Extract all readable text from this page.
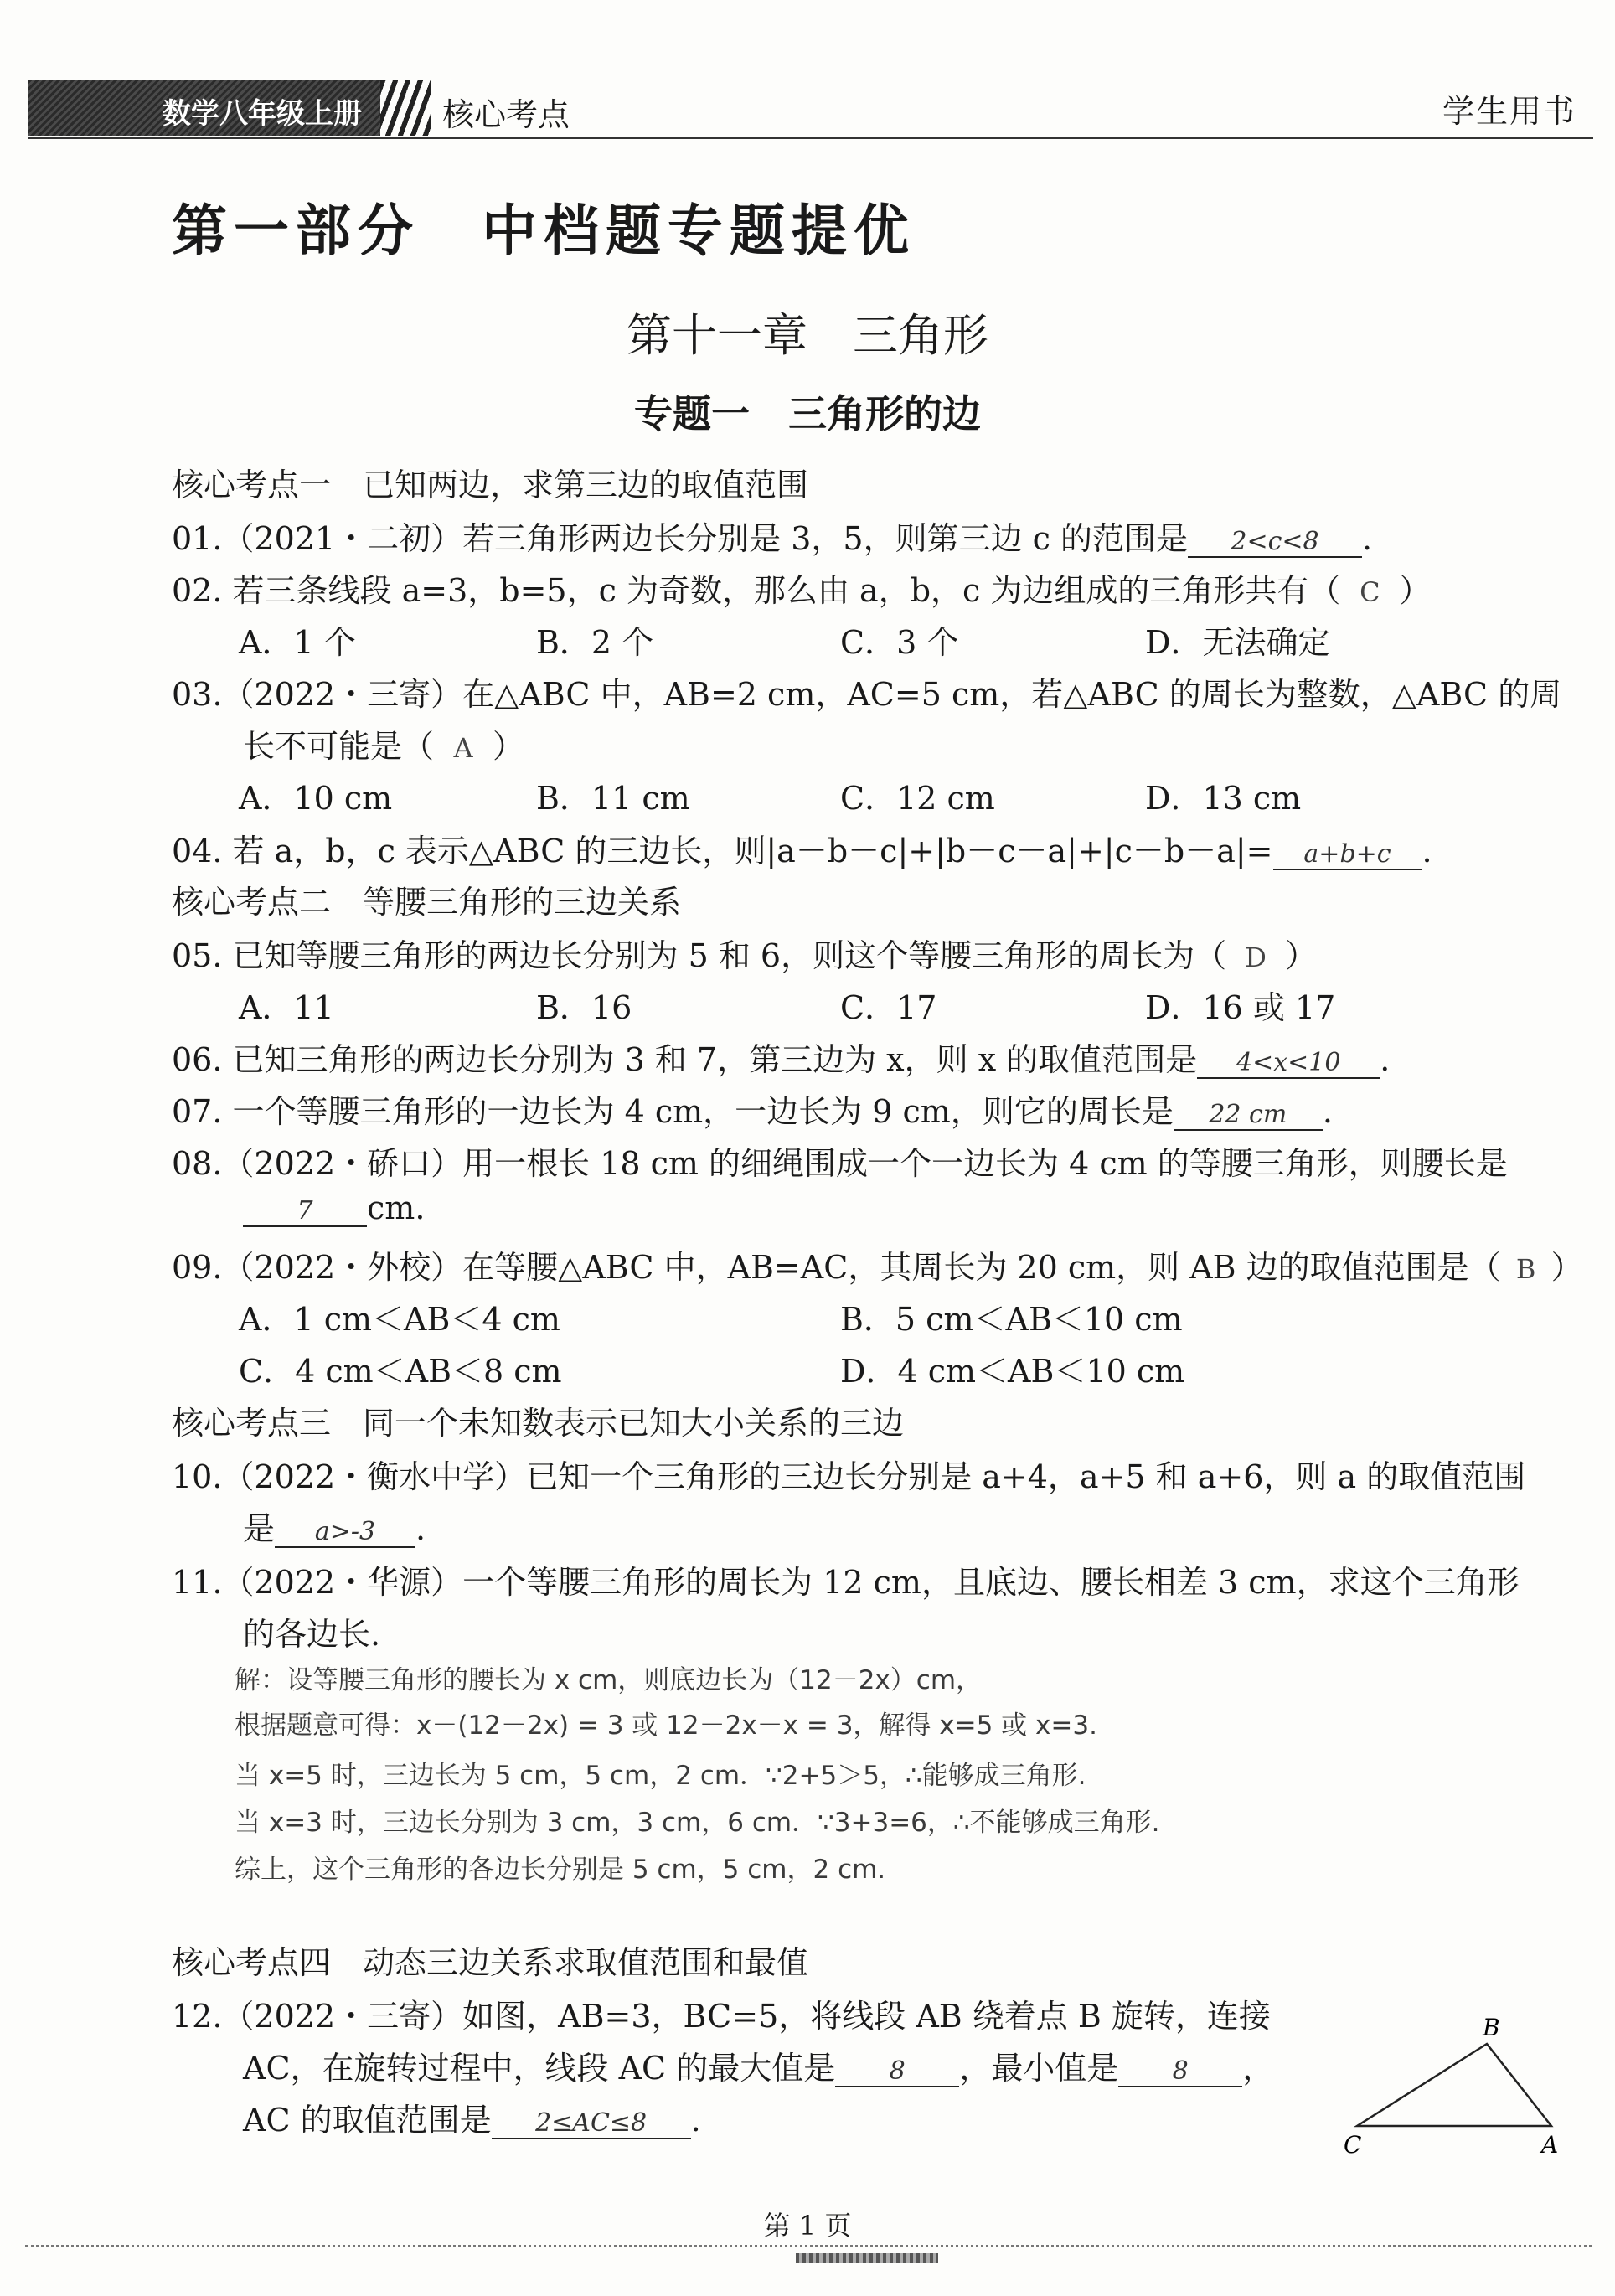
数学八年级上册	核心考点	学生用书
第一部分　中档题专题提优
第十一章　三角形
专题一　三角形的边
核心考点一　已知两边，求第三边的取值范围
01.（2021・二初）若三角形两边长分别是 3，5，则第三边 c 的范围是 2<c<8 .
02. 若三条线段 a=3，b=5，c 为奇数，那么由 a，b，c 为边组成的三角形共有（ C ）
A．1 个	B．2 个	C．3 个	D．无法确定
03.（2022・三寄）在△ABC 中，AB=2 cm，AC=5 cm，若△ABC 的周长为整数，△ABC 的周
长不可能是（ A ）
A．10 cm	B．11 cm	C．12 cm	D．13 cm
04. 若 a，b，c 表示△ABC 的三边长，则|a－b－c|+|b－c－a|+|c－b－a|= a+b+c .
核心考点二　等腰三角形的三边关系
05. 已知等腰三角形的两边长分别为 5 和 6，则这个等腰三角形的周长为（ D ）
A．11	B．16	C．17	D．16 或 17
06. 已知三角形的两边长分别为 3 和 7，第三边为 x，则 x 的取值范围是 4<x<10 .
07. 一个等腰三角形的一边长为 4 cm，一边长为 9 cm，则它的周长是 22 cm .
08.（2022・硚口）用一根长 18 cm 的细绳围成一个一边长为 4 cm 的等腰三角形，则腰长是
7 cm.
09.（2022・外校）在等腰△ABC 中，AB=AC，其周长为 20 cm，则 AB 边的取值范围是（ B ）
A．1 cm＜AB＜4 cm	B．5 cm＜AB＜10 cm
C．4 cm＜AB＜8 cm	D．4 cm＜AB＜10 cm
核心考点三　同一个未知数表示已知大小关系的三边
10.（2022・衡水中学）已知一个三角形的三边长分别是 a+4，a+5 和 a+6，则 a 的取值范围
是 a>-3 .
11.（2022・华源）一个等腰三角形的周长为 12 cm，且底边、腰长相差 3 cm，求这个三角形
的各边长.
解：设等腰三角形的腰长为 x cm，则底边长为（12－2x）cm，
根据题意可得：x－(12－2x) = 3 或 12－2x－x = 3，解得 x=5 或 x=3.
当 x=5 时，三边长为 5 cm，5 cm，2 cm．∵2+5＞5，∴能够成三角形.
当 x=3 时，三边长分别为 3 cm，3 cm，6 cm．∵3+3=6，∴不能够成三角形.
综上，这个三角形的各边长分别是 5 cm，5 cm，2 cm.
核心考点四　动态三边关系求取值范围和最值
12.（2022・三寄）如图，AB=3，BC=5，将线段 AB 绕着点 B 旋转，连接
AC，在旋转过程中，线段 AC 的最大值是 8 ，最小值是 8 ，
AC 的取值范围是 2≤AC≤8 .
B
C	A
第 1 页
